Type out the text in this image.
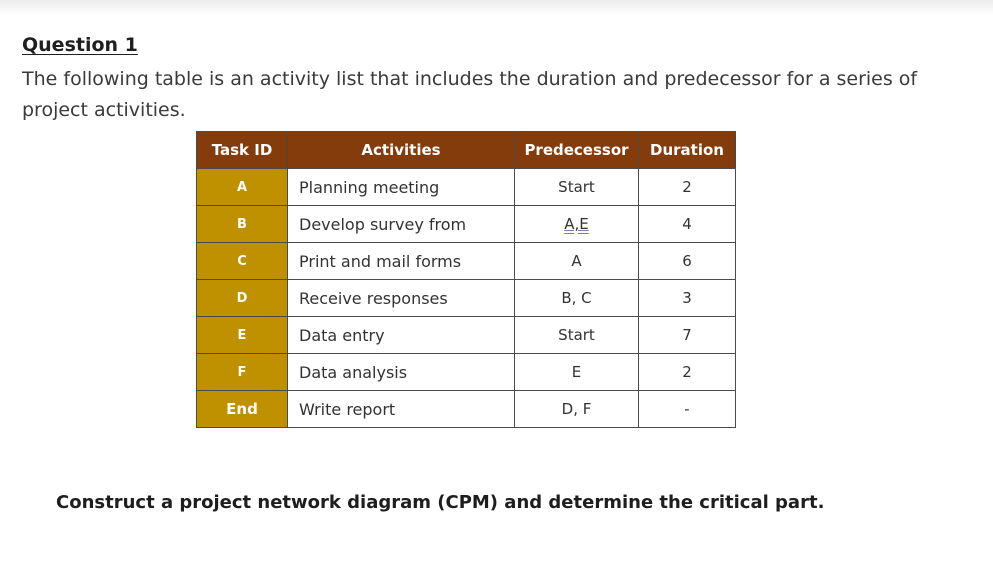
Question 1

The following table is an activity list that includes the duration and predecessor for a series of project activities.

Task ID	Activities	Predecessor	Duration
A	Planning meeting	Start	2
B	Develop survey from	A,E	4
C	Print and mail forms	A	6
D	Receive responses	B, C	3
E	Data entry	Start	7
F	Data analysis	E	2
End	Write report	D, F	-

Construct a project network diagram (CPM) and determine the critical part.
